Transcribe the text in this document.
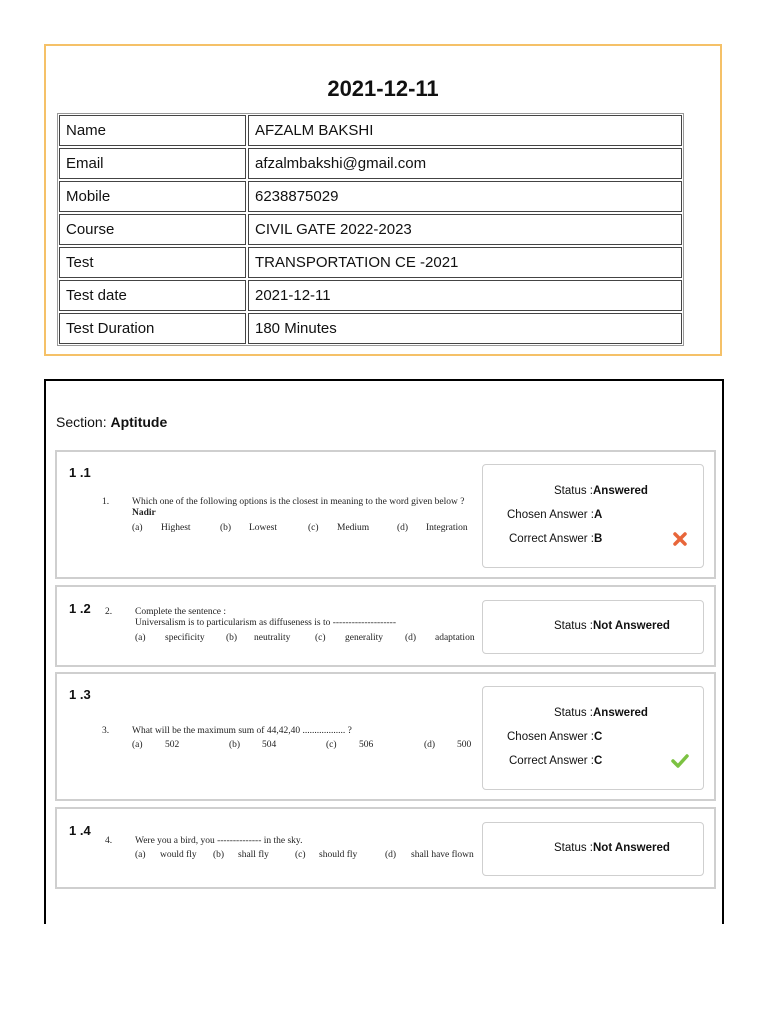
2021-12-11
Name	AFZALM BAKSHI
Email	afzalmbakshi@gmail.com
Mobile	6238875029
Course	CIVIL GATE 2022-2023
Test	TRANSPORTATION CE -2021
Test date	2021-12-11
Test Duration	180 Minutes
Section: Aptitude
1 .1
1. Which one of the following options is the closest in meaning to the word given below ?
Nadir
(a) Highest	(b) Lowest	(c) Medium	(d) Integration
Status :Answered
Chosen Answer :A
Correct Answer :B
1 .2 2. Complete the sentence :
Universalism is to particularism as diffuseness is to --------------------
(a) specificity (b) neutrality	(c) generality (d) adaptation
Status :Not Answered
1 .3
3. What will be the maximum sum of 44,42,40 .................. ?
(a) 502	(b) 504	(c) 506	(d) 500
Status :Answered
Chosen Answer :C
Correct Answer :C
1 .4
4. Were you a bird, you -------------- in the sky.
(a) would fly (b) shall fly	(c) should fly	(d) shall have flown
Status :Not Answered
